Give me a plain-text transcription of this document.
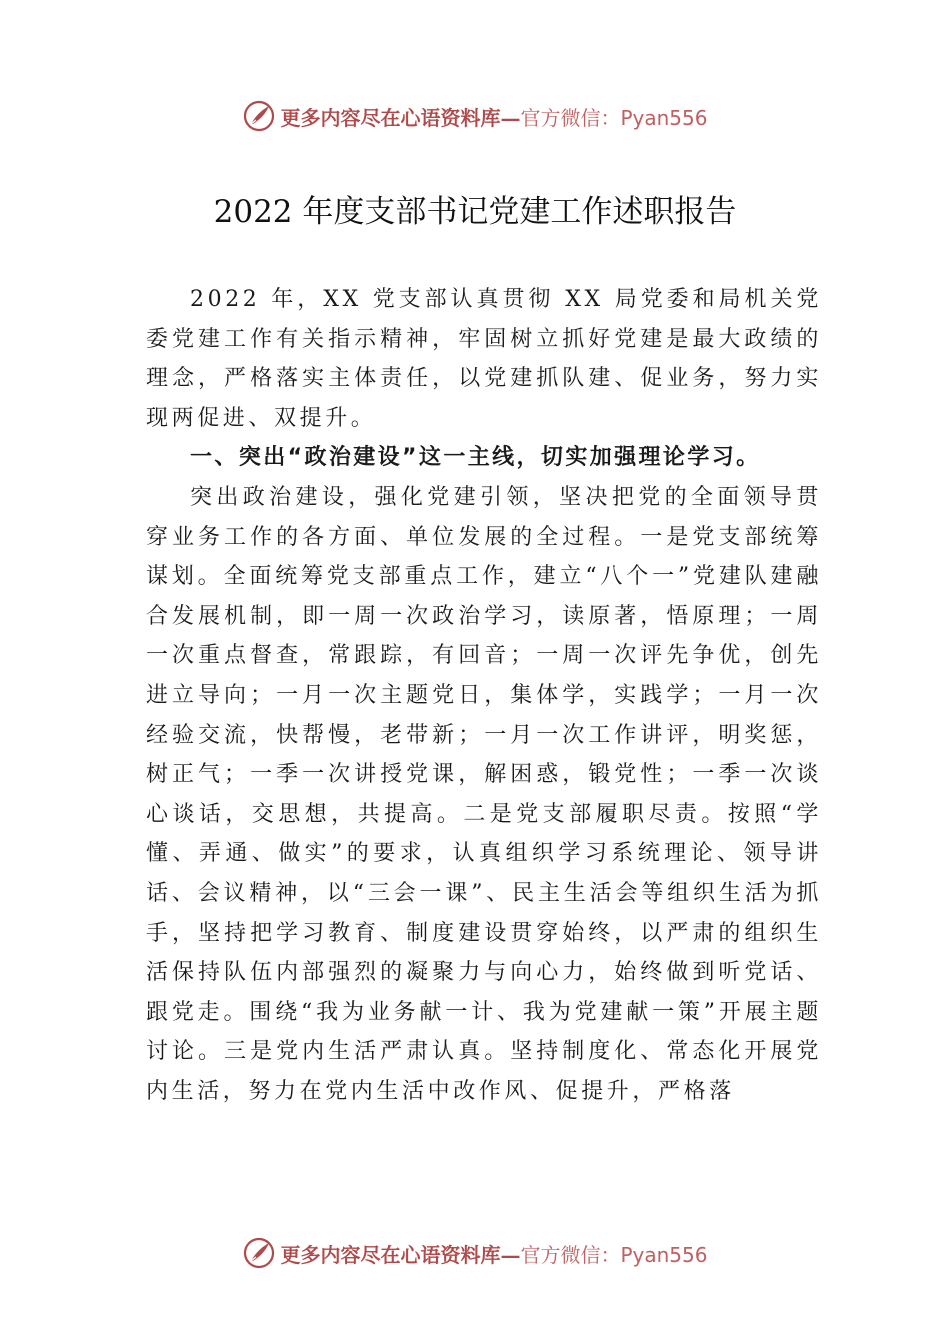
更多内容尽在心语资料库— 官方微信：Pyan556
2022 年度支部书记党建工作述职报告

2022 年，XX 党支部认真贯彻 XX 局党委和局机关党委党建工作有关指示精神，牢固树立抓好党建是最大政绩的理念，严格落实主体责任，以党建抓队建、促业务，努力实现两促进、双提升。

一、突出“政治建设”这一主线，切实加强理论学习。

突出政治建设，强化党建引领，坚决把党的全面领导贯穿业务工作的各方面、单位发展的全过程。一是党支部统筹谋划。全面统筹党支部重点工作，建立“八个一”党建队建融合发展机制，即一周一次政治学习，读原著，悟原理；一周一次重点督查，常跟踪，有回音；一周一次评先争优，创先进立导向；一月一次主题党日，集体学，实践学；一月一次经验交流，快帮慢，老带新；一月一次工作讲评，明奖惩，树正气；一季一次讲授党课，解困惑，锻党性；一季一次谈心谈话，交思想，共提高。二是党支部履职尽责。按照“学懂、弄通、做实”的要求，认真组织学习系统理论、领导讲话、会议精神，以“三会一课”、民主生活会等组织生活为抓手，坚持把学习教育、制度建设贯穿始终，以严肃的组织生活保持队伍内部强烈的凝聚力与向心力，始终做到听党话、跟党走。围绕“我为业务献一计、我为党建献一策”开展主题讨论。三是党内生活严肃认真。坚持制度化、常态化开展党内生活，努力在党内生活中改作风、促提升，严格落

更多内容尽在心语资料库— 官方微信：Pyan556
